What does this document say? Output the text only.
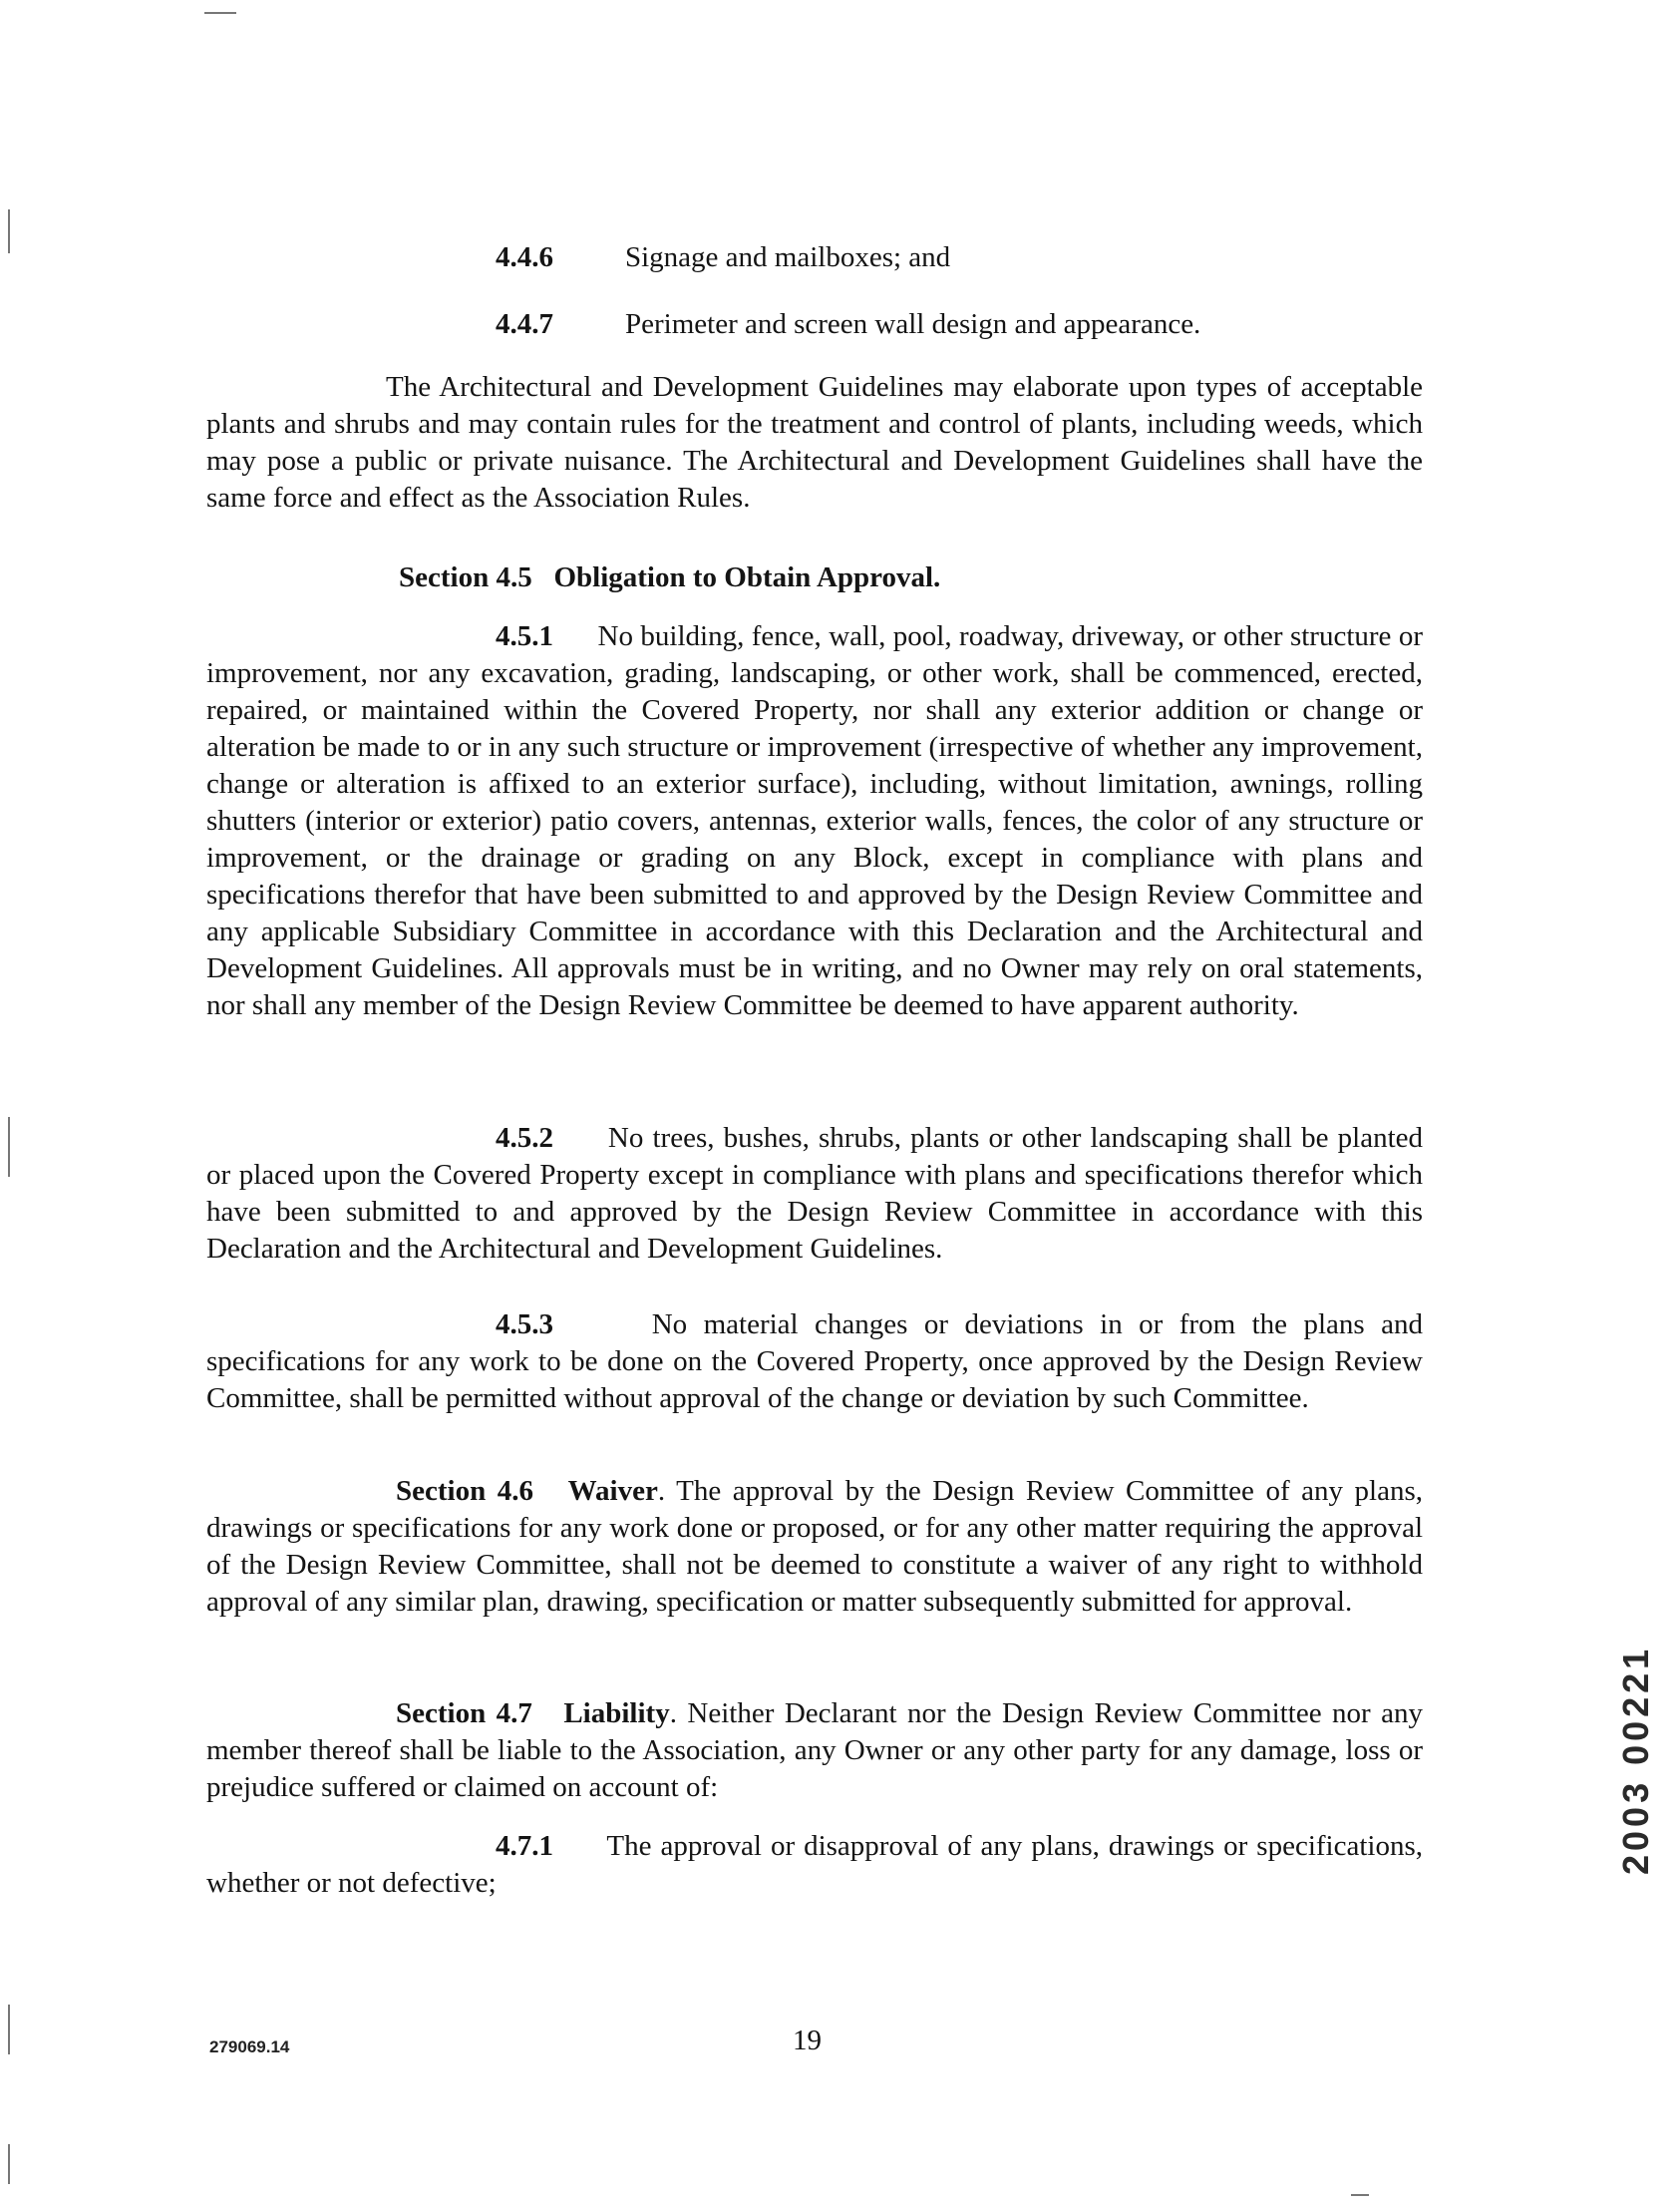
4.4.6 Signage and mailboxes; and
4.4.7 Perimeter and screen wall design and appearance.
The Architectural and Development Guidelines may elaborate upon types of acceptable plants and shrubs and may contain rules for the treatment and control of plants, including weeds, which may pose a public or private nuisance. The Architectural and Development Guidelines shall have the same force and effect as the Association Rules.
Section 4.5 Obligation to Obtain Approval.
4.5.1 No building, fence, wall, pool, roadway, driveway, or other structure or improvement, nor any excavation, grading, landscaping, or other work, shall be commenced, erected, repaired, or maintained within the Covered Property, nor shall any exterior addition or change or alteration be made to or in any such structure or improvement (irrespective of whether any improvement, change or alteration is affixed to an exterior surface), including, without limitation, awnings, rolling shutters (interior or exterior) patio covers, antennas, exterior walls, fences, the color of any structure or improvement, or the drainage or grading on any Block, except in compliance with plans and specifications therefor that have been submitted to and approved by the Design Review Committee and any applicable Subsidiary Committee in accordance with this Declaration and the Architectural and Development Guidelines. All approvals must be in writing, and no Owner may rely on oral statements, nor shall any member of the Design Review Committee be deemed to have apparent authority.
4.5.2 No trees, bushes, shrubs, plants or other landscaping shall be planted or placed upon the Covered Property except in compliance with plans and specifications therefor which have been submitted to and approved by the Design Review Committee in accordance with this Declaration and the Architectural and Development Guidelines.
4.5.3	No material changes or deviations in or from the plans and specifications for any work to be done on the Covered Property, once approved by the Design Review Committee, shall be permitted without approval of the change or deviation by such Committee.
Section 4.6 Waiver. The approval by the Design Review Committee of any plans, drawings or specifications for any work done or proposed, or for any other matter requiring the approval of the Design Review Committee, shall not be deemed to constitute a waiver of any right to withhold approval of any similar plan, drawing, specification or matter subsequently submitted for approval.
Section 4.7 Liability. Neither Declarant nor the Design Review Committee nor any member thereof shall be liable to the Association, any Owner or any other party for any damage, loss or prejudice suffered or claimed on account of:
4.7.1 The approval or disapproval of any plans, drawings or specifications, whether or not defective;
279069.14	19
2003 00221
